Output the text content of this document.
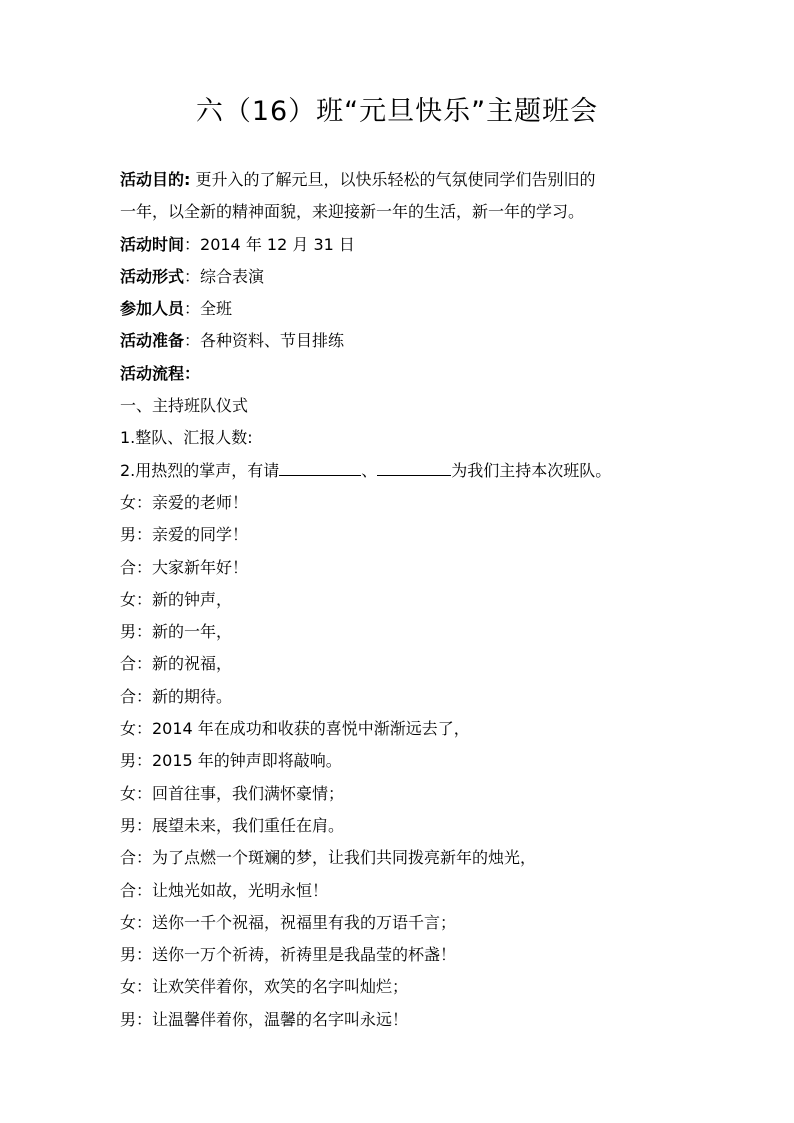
六（16）班“元旦快乐”主题班会
活动目的: 更升入的了解元旦，以快乐轻松的气氛使同学们告别旧的
一年，以全新的精神面貌，来迎接新一年的生活，新一年的学习。
活动时间：2014 年 12 月 31 日
活动形式：综合表演
参加人员：全班
活动准备：各种资料、节目排练
活动流程：
一、主持班队仪式
1.整队、汇报人数:
2.用热烈的掌声，有请	、	为我们主持本次班队。
女：亲爱的老师！
男：亲爱的同学！
合：大家新年好！
女：新的钟声，
男：新的一年，
合：新的祝福，
合：新的期待。
女：2014 年在成功和收获的喜悦中渐渐远去了，
男：2015 年的钟声即将敲响。
女：回首往事，我们满怀豪情；
男：展望未来，我们重任在肩。
合：为了点燃一个斑斓的梦，让我们共同拨亮新年的烛光，
合：让烛光如故，光明永恒！
女：送你一千个祝福，祝福里有我的万语千言；
男：送你一万个祈祷，祈祷里是我晶莹的杯盏！
女：让欢笑伴着你，欢笑的名字叫灿烂；
男：让温馨伴着你，温馨的名字叫永远！
